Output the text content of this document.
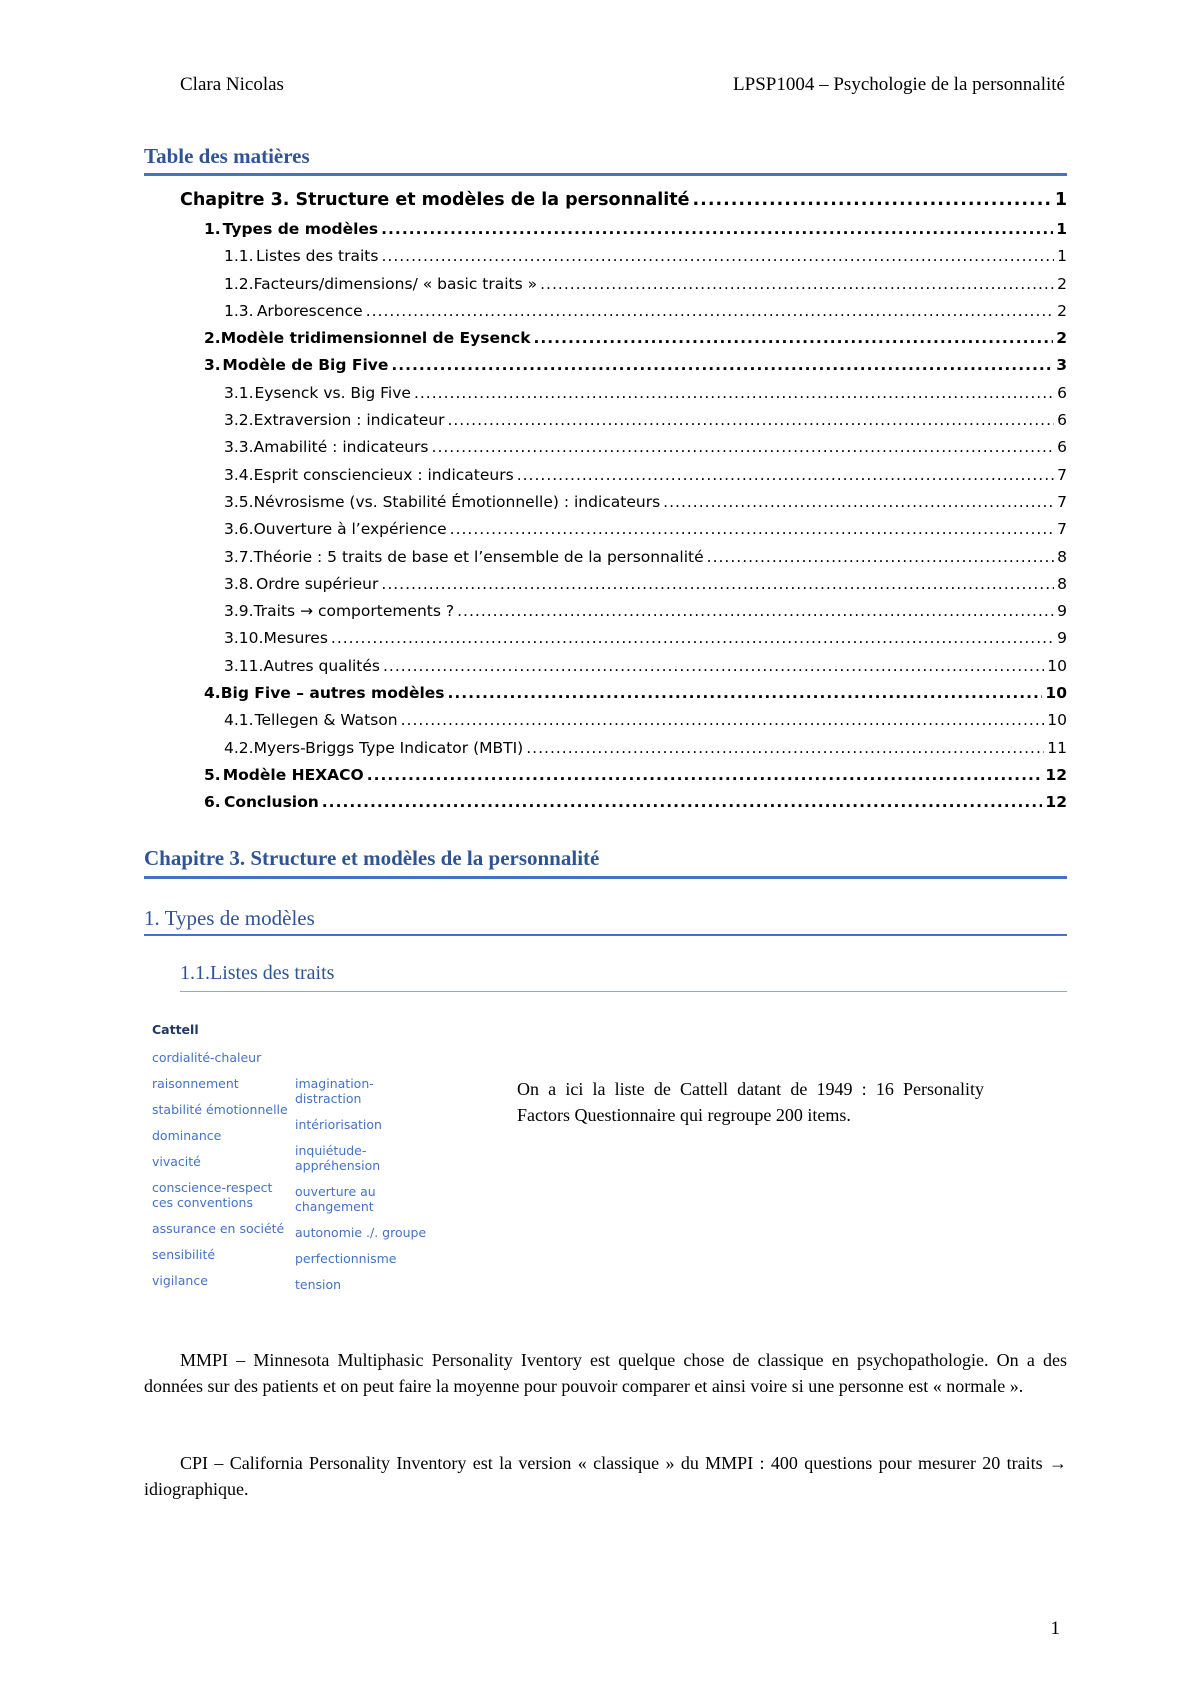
Clara Nicolas	LPSP1004 – Psychologie de la personnalité
Table des matières
Chapitre 3. Structure et modèles de la personnalité .....	1
1. Types de modèles .....	1
1.1. Listes des traits .....	1
1.2. Facteurs/dimensions/ « basic traits » .....	2
1.3. Arborescence .....	2
2. Modèle tridimensionnel de Eysenck .....	2
3. Modèle de Big Five .....	3
3.1. Eysenck vs. Big Five .....	6
3.2. Extraversion : indicateur .....	6
3.3. Amabilité : indicateurs .....	6
3.4. Esprit consciencieux : indicateurs .....	7
3.5. Névrosisme (vs. Stabilité Émotionnelle) : indicateurs .....	7
3.6. Ouverture à l’expérience .....	7
3.7. Théorie : 5 traits de base et l’ensemble de la personnalité .....	8
3.8. Ordre supérieur .....	8
3.9. Traits → comportements ? .....	9
3.10. Mesures .....	9
3.11. Autres qualités .....	10
4. Big Five – autres modèles .....	10
4.1. Tellegen & Watson .....	10
4.2. Myers-Briggs Type Indicator (MBTI) .....	11
5. Modèle HEXACO .....	12
6. Conclusion .....	12
Chapitre 3. Structure et modèles de la personnalité
1. Types de modèles
1.1.Listes des traits
Cattell
cordialité-chaleur
raisonnement
stabilité émotionnelle
dominance
vivacité
conscience-respect ces conventions
assurance en société
sensibilité
vigilance
imagination-distraction
intériorisation
inquiétude-appréhension
ouverture au changement
autonomie ./. groupe
perfectionnisme
tension
On a ici la liste de Cattell datant de 1949 : 16 Personality Factors Questionnaire qui regroupe 200 items.
MMPI – Minnesota Multiphasic Personality Iventory est quelque chose de classique en psychopathologie. On a des données sur des patients et on peut faire la moyenne pour pouvoir comparer et ainsi voire si une personne est « normale ».
CPI – California Personality Inventory est la version « classique » du MMPI : 400 questions pour mesurer 20 traits → idiographique.
1
